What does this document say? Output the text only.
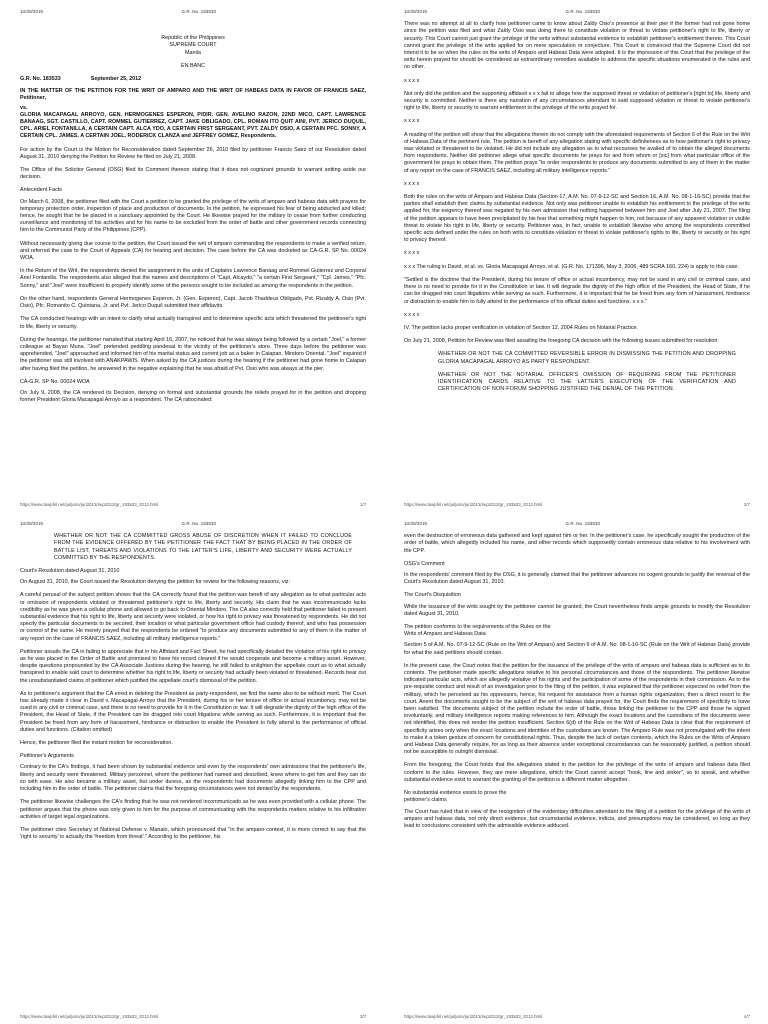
10/30/2019	G.R. No. 183533
Republic of the Philippines
SUPREME COURT
Manila
EN BANC
G.R. No. 183533	September 25, 2012

IN THE MATTER OF THE PETITION FOR THE WRIT OF AMPARO AND THE WRIT OF HABEAS DATA IN FAVOR OF FRANCIS SAEZ, Petitioner,

vs.

GLORIA MACAPAGAL ARROYO, GEN. HERMOGENES ESPERON, P/DIR. GEN. AVELINO RAZON, 22ND MICO, CAPT. LAWRENCE BANAAG, SGT. CASTILLO, CAPT. ROMMEL GUTIERREZ, CAPT. JAKE OBLIGADO, CPL. ROMAN ITO QUIT AINI, PVT. JERICO DUQUIL, CPL. ARIEL FONTANILLA, A CERTAIN CAPT. ALCA YDO, A CERTAIN FIRST SERGEANT, PVT. ZALDY OSIO, A CERTAIN PFC. SONNY, A CERTAIN CPL. JAMES, A CERTAIN JOEL, RODERICK CLANZA and JEFFREY GOMEZ, Respondents.

For action by the Court is the Motion for Reconsideration dated September 26, 2010 filed by petitioner Francis Saez of our Resolution dated August 31, 2010 denying the Petition for Review he filed on July 21, 2008.

The Office of the Solicitor General (OSG) filed its Comment thereon stating that it does not cognizant grounds to warrant setting aside our decision.

Antecedent Facts

On March 6, 2008, the petitioner filed with the Court a petition to be granted the privilege of the writs of amparo and habeas data with prayers for temporary protection order, inspection of place and production of documents. In the petition, he expressed his fear of being abducted and killed; hence, he sought that he be placed in a sanctuary appointed by the Court. He likewise prayed for the military to cease from further conducting surveillance and monitoring of his activities and for his name to be excluded from the order of battle and other government records connecting him to the Communist Party of the Philippines (CPP).

Without necessarily giving due course to the petition, the Court issued the writ of amparo commanding the respondents to make a verified return, and referred the case to the Court of Appeals (CA) for hearing and decision. The case before the CA was docketed as CA-G.R. SP No. 00024 WOA.

In the Return of the Writ, the respondents denied the assignment in the units of Captains Lawrence Banaag and Rommel Gutierrez and Corporal Ariel Fontanilla. The respondents also alleged that the names and descriptions of "Capt. Alcaydo," "a certain First Sergeant," "Cpl. James," "Pfc. Sonny," and "Joel" were insufficient to properly identify some of the persons sought to be included as among the respondents in the petition.

On the other hand, respondents General Hermogenes Esperon, Jr. (Gen. Esperon), Capt. Jacob Thaddeus Obligado, Pvt. Rizaldy A. Osio (Pvt. Osio), Pfc. Romanito C. Quintana, Jr. and Pvt. Jerico Duquil submitted their affidavits.

The CA conducted hearings with an intent to clarify what actually transpired and to determine specific acts which threatened the petitioner's right to life, liberty or security.

During the hearings, the petitioner narrated that starting April 16, 2007, he noticed that he was always being followed by a certain "Joel," a former colleague at Bayan Muna. "Joel" pretended peddling pandesal in the vicinity of the petitioner's store. Three days before the petitioner was apprehended, "Joel" approached and informed him of his marital status and current job as a baker in Calapan, Mindoro Oriental. "Joel" inquired if the petitioner was still involved with ANAKPAWIS. When asked by the CA justices during the hearing if the petitioner had gone home to Calapan after having filed the petition, he answered in the negative explaining that he was afraid of Pvt. Osio who was always at the pier.

CA-G.R. SP No. 00024 WOA

On July 9, 2008, the CA rendered its Decision, denying on formal and substantial grounds the reliefs prayed for in the petition and dropping former President Gloria Macapagal Arroyo as a respondent. The CA ratiocinated:

https://www.lawphil.net/judjuris/juri2012/sep2012/gr_183533_2012.html	1/7
10/30/2019	G.R. No. 183533

There was no attempt at all to clarify how petitioner came to know about Zaldy Osio's presence at their pier if the former had not gone home since the petition was filed and what Zaldy Osio was doing there to constitute violation or threat to violate petitioner's right to life, liberty or security. This Court cannot just grant the privilege of the writs without substantial evidence to establish petitioner's entitlement thereto. This Court cannot grant the privilege of the writs applied for on mere speculation or conjecture. This Court is convinced that the Supreme Court did not intend it to be so when the rules on the writs of Amparo and Habeas Data were adopted. It is the impression of this Court that the privilege of the writs herein prayed for should be considered as extraordinary remedies available to address the specific situations enumerated in the rules and no other.

x x x x

Not only did the petition and the supporting affidavit x x x fail to allege how the supposed threat or violation of petitioner's [right to] life, liberty and security is committed. Neither is there any narration of any circumstances attendant to said supposed violation or threat to violate petitioner's right to life, liberty or security to warrant entitlement to the privilege of the writs prayed for.

x x x x

A reading of the petition will show that the allegations therein do not comply with the aforestated requirements of Section 6 of the Rule on the Writ of Habeas Data of the pertinent rule. The petition is bereft of any allegation stating with specific definiteness as to how petitioner's right to privacy was violated or threatened to be violated. He did not include any allegation as to what recourses he availed of to obtain the alleged documents from respondents. Neither did petitioner allege what specific documents he prays for and from whom or [sic] from what particular office of the government he prays to obtain them. The petition prays "to order respondents to produce any documents submitted to any of them in the matter of any report on the case of FRANCIS SAEZ, including all military intelligence reports."

x x x x

Both the rules on the writs of Amparo and Habeas Data (Section 17, A.M. No. 07-9-12-SC and Section 16, A.M. No. 08-1-16-SC) provide that the parties shall establish their claims by substantial evidence. Not only was petitioner unable to establish his entitlement to the privilege of the writs applied for, the exigency thereof was negated by his own admission that nothing happened between him and Joel after July 21, 2007. The filing of the petition appears to have been precipitated by his fear that something might happen to him, not because of any apparent violation or visible threat to violate his right to life, liberty or security. Petitioner was, in fact, unable to establish likewise who among the respondents committed specific acts defined under the rules on both writs to constitute violation or threat to violate petitioner's rights to life, liberty or security or his right to privacy thereof.

x x x x

x x x The ruling in David, et al. vs. Gloria Macapagal Arroyo, et al. (G.R. No. 171396, May 3, 2006, 489 SCRA 160, 224) is apply to this case:

"Settled is the doctrine that the President, during his tenure of office or actual incumbency, may not be sued in any civil or criminal case, and there is no need to provide for it in the Constitution or law. It will degrade the dignity of the high office of the President, the Head of State, if he can be dragged into court litigations while serving as such. Furthermore, it is important that he be freed from any form of harassment, hindrance or distraction to enable him to fully attend to the performance of his official duties and functions. x x x."

x x x x

IV. The petition lacks proper verification in violation of Section 12, 2004 Rules on Notarial Practice.

On July 21, 2008, Petition for Review was filed assailing the foregoing CA decision with the following issues submitted for resolution:

WHETHER OR NOT THE CA COMMITTED REVERSIBLE ERROR IN DISMISSING THE PETITION AND DROPPING GLORIA MACAPAGAL ARROYO AS PARTY RESPONDENT.

WHETHER OR NOT THE NOTARIAL OFFICER'S OMISSION OF REQUIRING FROM THE PETITIONER IDENTIFICATION CARDS RELATIVE TO THE LATTER'S EXECUTION OF THE VERIFICATION AND CERTIFICATION OF NON-FORUM SHOPPING JUSTIFIED THE DENIAL OF THE PETITION.

https://www.lawphil.net/judjuris/juri2012/sep2012/gr_183533_2012.html	2/7
10/30/2019	G.R. No. 183533

WHETHER OR NOT THE CA COMMITTED GROSS ABUSE OF DISCRETION WHEN IT FAILED TO CONCLUDE FROM THE EVIDENCE OFFERED BY THE PETITIONER THE FACT THAT BY BEING PLACED IN THE ORDER OF BATTLE LIST, THREATS AND VIOLATIONS TO THE LATTER'S LIFE, LIBERTY AND SECURITY WERE ACTUALLY COMMITTED BY THE RESPONDENTS.

Court's Resolution dated August 31, 2010

On August 31, 2010, the Court issued the Resolution denying the petition for review for the following reasons, viz:

A careful perusal of the subject petition shows that the CA correctly found that the petition was bereft of any allegation as to what particular acts or omission of respondents violated or threatened petitioner's right to life, liberty and security. His claim that he was incommunicado lacks credibility as he was given a cellular phone and allowed to go back to Oriental Mindoro. The CA also correctly held that petitioner failed to present substantial evidence that his right to life, liberty and security were violated, or how his right to privacy was threatened by respondents. He did not specify the particular documents to be secured, their location or what particular government office had custody thereof, and who has possession or control of the same. He merely prayed that the respondents be ordered "to produce any documents submitted to any of them in the matter of any report on the case of FRANCIS SAEZ, including all military intelligence reports."

Petitioner assails the CA in failing to appreciate that in his Affidavit and Fact Sheet, he had specifically detailed the violation of his right to privacy as he was placed in the Order of Battle and promised to have his record cleared if he would cooperate and become a military asset. However, despite questions propounded by the CA Associate Justices during the hearing, he still failed to enlighten the appellate court as to what actually transpired to enable said court to determine whether his right to life, liberty or security had actually been violated or threatened. Records bear out the unsubstantiated claims of petitioner which justified the appellate court's dismissal of the petition.

As to petitioner's argument that the CA erred in deleting the President as party-respondent, we find the same also to be without merit. The Court has already made it clear in David v. Macapagal-Arroyo that the President, during his or her tenure of office or actual incumbency, may not be sued in any civil or criminal case, and there is no need to provide for it in the Constitution or law. It will degrade the dignity of the high office of the President, the Head of State, if the President can be dragged into court litigations while serving as such. Furthermore, it is important that the President be freed from any form of harassment, hindrance or distraction to enable the President to fully attend to the performance of official duties and functions. (Citation omitted)

Hence, the petitioner filed the instant motion for reconsideration.

Petitioner's Arguments

Contrary to the CA's findings, it had been shown by substantial evidence and even by the respondents' own admissions that the petitioner's life, liberty and security were threatened. Military personnel, whom the petitioner had named and described, knew where to get him and they can do so with ease. He also became a military asset, but under duress, as the respondents had documents allegedly linking him to the CPP and including him in the order of battle. The petitioner claims that the foregoing circumstances were not denied by the respondents.

The petitioner likewise challenges the CA's finding that he was not rendered incommunicado as he was even provided with a cellular phone. The petitioner argues that the phone was only given to him for the purpose of communicating with the respondents matters relative to his infiltration activities of target legal organizations.

The petitioner cites Secretary of National Defense v. Manalo, which pronounced that "in the amparo context, it is more correct to say that the 'right to security' is actually the 'freedom from threat'." According to the petitioner, his

https://www.lawphil.net/judjuris/juri2012/sep2012/gr_183533_2012.html	3/7
10/30/2019	G.R. No. 183533

even the destruction of erroneous data gathered and kept against him or her. In the petitioner's case, he specifically sought the production of the order of battle, which allegedly included his name, and other records which supposedly contain erroneous data relative to his involvement with the CPP.

OSG's Comment

In the respondents' comment filed by the OSG, it is generally claimed that the petitioner advances no cogent grounds to justify the reversal of the Court's Resolution dated August 31, 2010.

The Court's Disquisition

While the issuance of the writs sought by the petitioner cannot be granted, the Court nevertheless finds ample grounds to modify the Resolution dated August 31, 2010.

The petition conforms to the requirements of the Rules on the Writs of Amparo and Habeas Data

Section 5 of A.M. No. 07-9-12-SC (Rule on the Writ of Amparo) and Section 6 of A.M. No. 08-1-16-SC (Rule on the Writ of Habeas Data) provide for what the said petitions should contain.

In the present case, the Court notes that the petition for the issuance of the privilege of the writs of amparo and habeas data is sufficient as to its contents. The petitioner made specific allegations relative to his personal circumstances and those of the respondents. The petitioner likewise indicated particular acts, which are allegedly violative of his rights and the participation of some of the respondents in their commission. As to the pre-requisite conduct and result of an investigation prior to the filing of the petition, it was explained that the petitioner expected no relief from the military, which he perceived as his oppressors, hence, his request for assistance from a human rights organization, then a direct resort to the court. Anent the documents sought to be the subject of the writ of habeas data prayed for, the Court finds the requirement of specificity to have been satisfied. The documents subject of the petition include the order of battle, those linking the petitioner to the CPP and those he signed involuntarily, and military intelligence reports making references to him. Although the exact locations and the custodians of the documents were not identified, this does not render the petition insufficient. Section 6(d) of the Rule on the Writ of Habeas Data is clear that the requirement of specificity arises only when the exact locations and identities of the custodians are known. The Amparo Rule was not promulgated with the intent to make it a token gesture of concern for constitutional rights. Thus, despite the lack of certain contents, which the Rules on the Writs of Amparo and Habeas Data generally require, for as long as their absence under exceptional circumstances can be reasonably justified, a petition should not be susceptible to outright dismissal.

From the foregoing, the Court holds that the allegations stated in the petition for the privilege of the writs of amparo and habeas data filed conform to the rules. However, they are mere allegations, which the Court cannot accept "hook, line and sinker", so to speak, and whether substantial evidence exist to warrant the granting of the petition is a different matter altogether.

No substantial evidence exists to prove the petitioner's claims

The Court has ruled that in view of the recognition of the evidentiary difficulties attendant to the filing of a petition for the privilege of the writs of amparo and habeas data, not only direct evidence, but circumstantial evidence, indicia, and presumptions may be considered, so long as they lead to conclusions consistent with the admissible evidence adduced.

https://www.lawphil.net/judjuris/juri2012/sep2012/gr_183533_2012.html	4/7
